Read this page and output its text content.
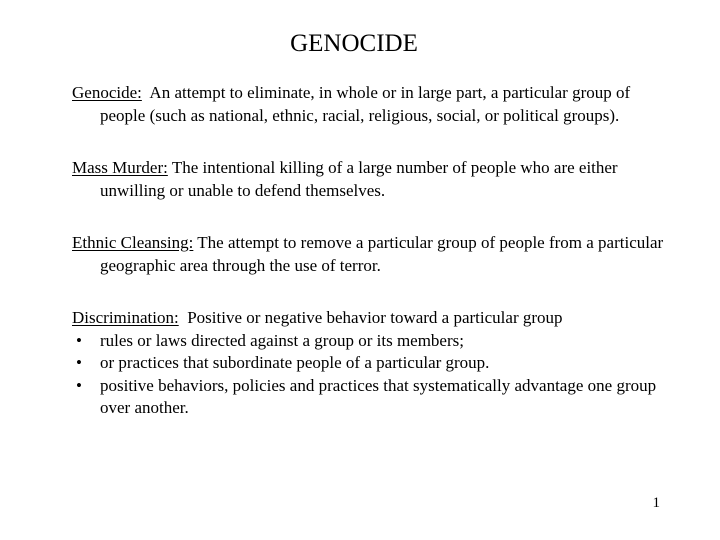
GENOCIDE

Genocide: An attempt to eliminate, in whole or in large part, a particular group of people (such as national, ethnic, racial, religious, social, or political groups).

Mass Murder: The intentional killing of a large number of people who are either unwilling or unable to defend themselves.

Ethnic Cleansing: The attempt to remove a particular group of people from a particular geographic area through the use of terror.

Discrimination: Positive or negative behavior toward a particular group

• rules or laws directed against a group or its members;
• or practices that subordinate people of a particular group.
• positive behaviors, policies and practices that systematically advantage one group over another.
1
